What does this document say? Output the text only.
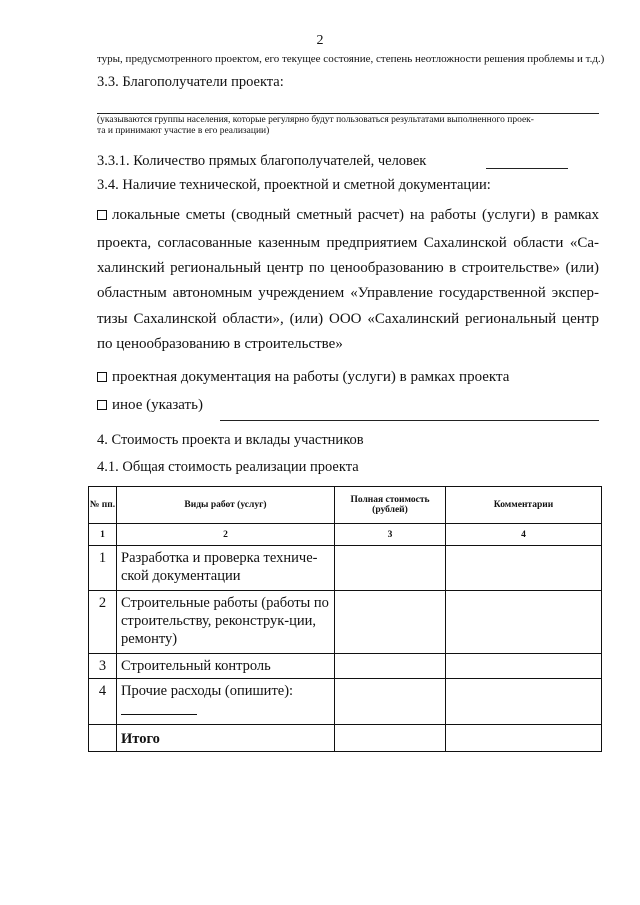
2
туры, предусмотренного проектом, его текущее состояние, степень неотложности решения проблемы и т.д.)
3.3. Благополучатели проекта:
(указываются группы населения, которые регулярно будут пользоваться результатами выполненного проек-
та и принимают участие в его реализации)
3.3.1. Количество прямых благополучателей, человек
3.4. Наличие технической, проектной и сметной документации:
локальные сметы (сводный сметный расчет) на работы (услуги) в рамках
проекта, согласованные казенным предприятием Сахалинской области «Са-
халинский региональный центр по ценообразованию в строительстве» (или)
областным автономным учреждением «Управление государственной экспер-
тизы Сахалинской области», (или) ООО «Сахалинский региональный центр
по ценообразованию в строительстве»
проектная документация на работы (услуги) в рамках проекта
иное (указать)
4. Стоимость проекта и вклады участников
4.1. Общая стоимость реализации проекта
№ пп.	Виды работ (услуг)	Полная стоимость (рублей)	Комментарии
1	2	3	4
1	Разработка и проверка техниче-ской документации		
2	Строительные работы (работы по строительству, реконструк-ции, ремонту)		
3	Строительный контроль		
4	Прочие расходы (опишите):		

	Итого		
